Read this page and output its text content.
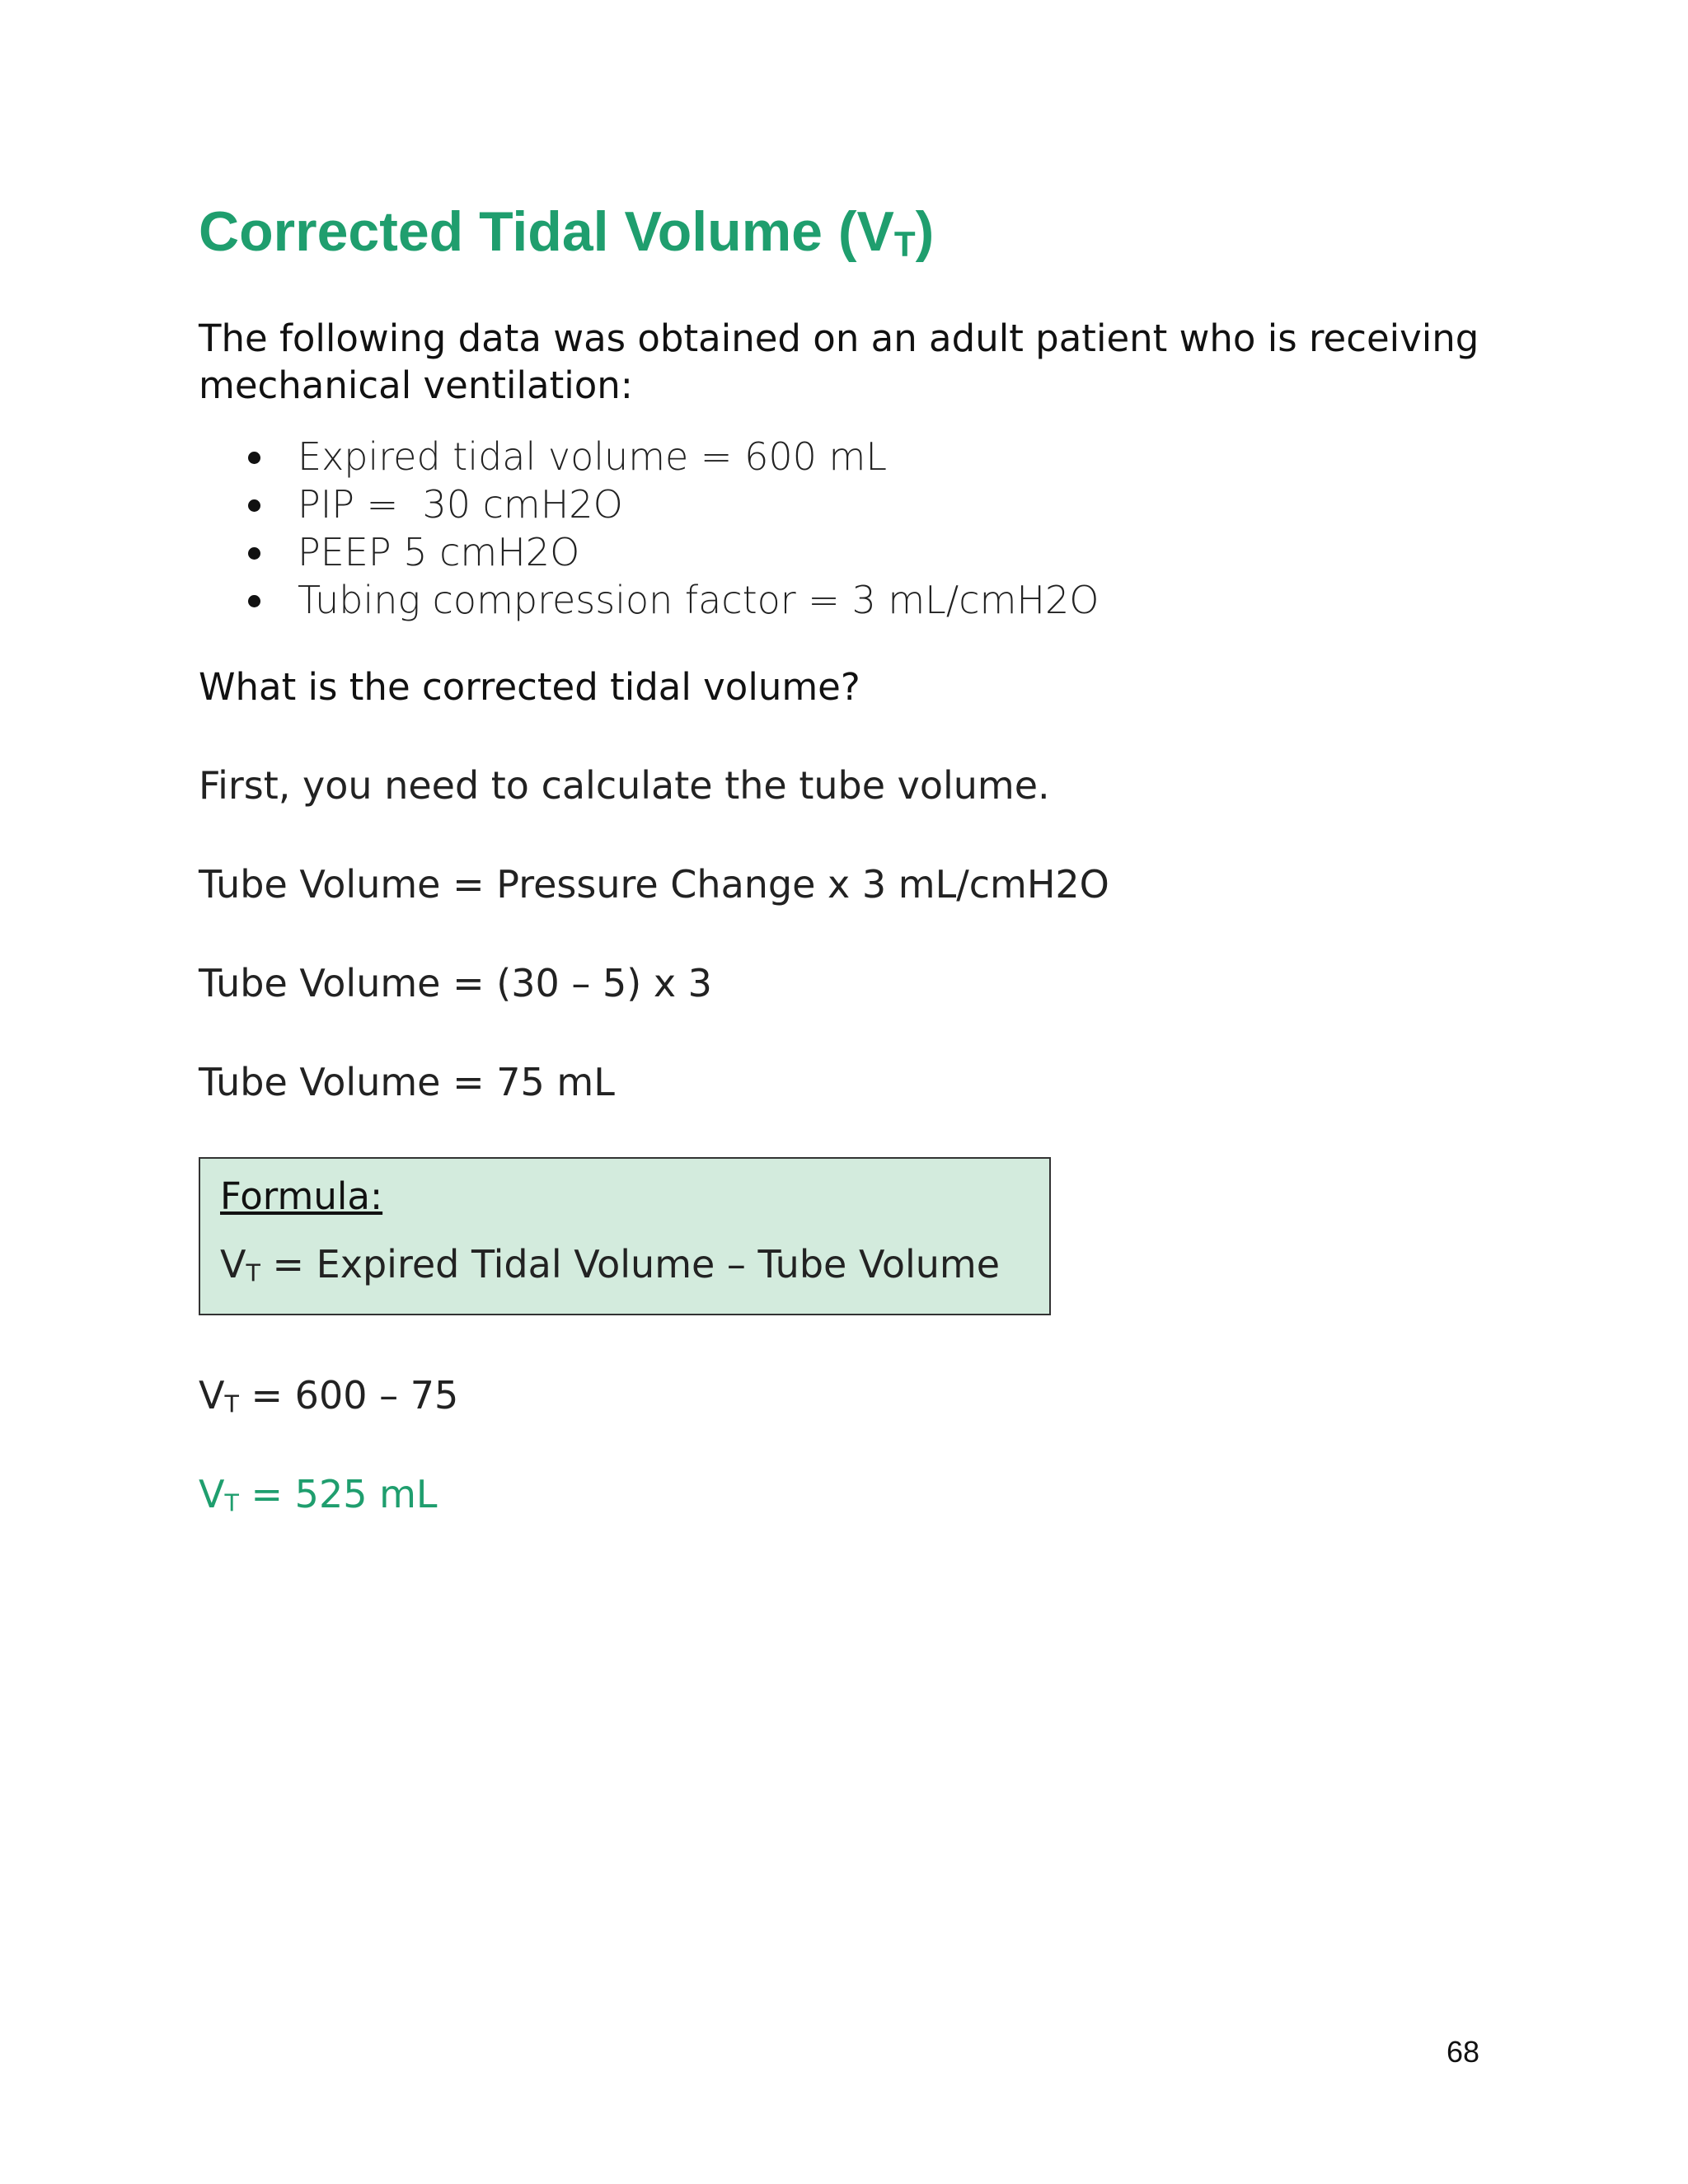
Corrected Tidal Volume $(V_T)$

The following data was obtained on an adult patient who is receiving mechanical ventilation:

Expired tidal volume = 600 mL
PIP =  30 cmH2O
PEEP 5 cmH2O
Tubing compression factor = 3 mL/cmH2O

What is the corrected tidal volume?

First, you need to calculate the tube volume.

Tube Volume = Pressure Change x 3 mL/cmH2O

Tube Volume = (30 – 5) x 3

Tube Volume = 75 mL

Formula:
$V_T$ = Expired Tidal Volume – Tube Volume

$V_T = 600 - 75$

$V_T = 525$ mL

68
